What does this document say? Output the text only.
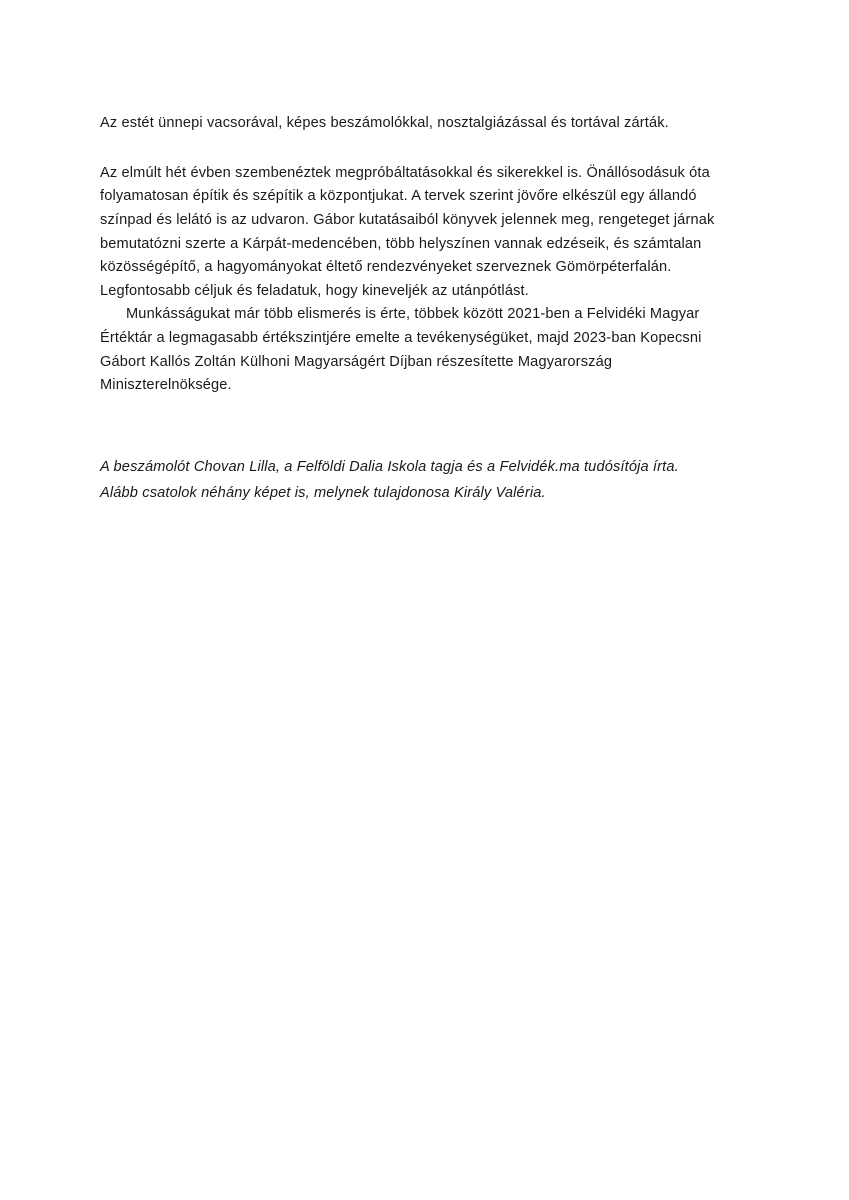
Az estét ünnepi vacsorával, képes beszámolókkal, nosztalgiázással és tortával zárták.

Az elmúlt hét évben szembenéztek megpróbáltatásokkal és sikerekkel is. Önállósodásuk óta folyamatosan építik és szépítik a központjukat. A tervek szerint jövőre elkészül egy állandó színpad és lelátó is az udvaron. Gábor kutatásaiból könyvek jelennek meg, rengeteget járnak bemutatózni szerte a Kárpát-medencében, több helyszínen vannak edzéseik, és számtalan közösségépítő, a hagyományokat éltető rendezvényeket szerveznek Gömörpéterfalán. Legfontosabb céljuk és feladatuk, hogy kineveljék az utánpótlást.

Munkásságukat már több elismerés is érte, többek között 2021-ben a Felvidéki Magyar Értéktár a legmagasabb értékszintjére emelte a tevékenységüket, majd 2023-ban Kopecsni Gábort Kallós Zoltán Külhoni Magyarságért Díjban részesítette Magyarország Miniszterelnöksége.

A beszámolót Chovan Lilla, a Felföldi Dalia Iskola tagja és a Felvidék.ma tudósítója írta.

Alább csatolok néhány képet is, melynek tulajdonosa Király Valéria.
